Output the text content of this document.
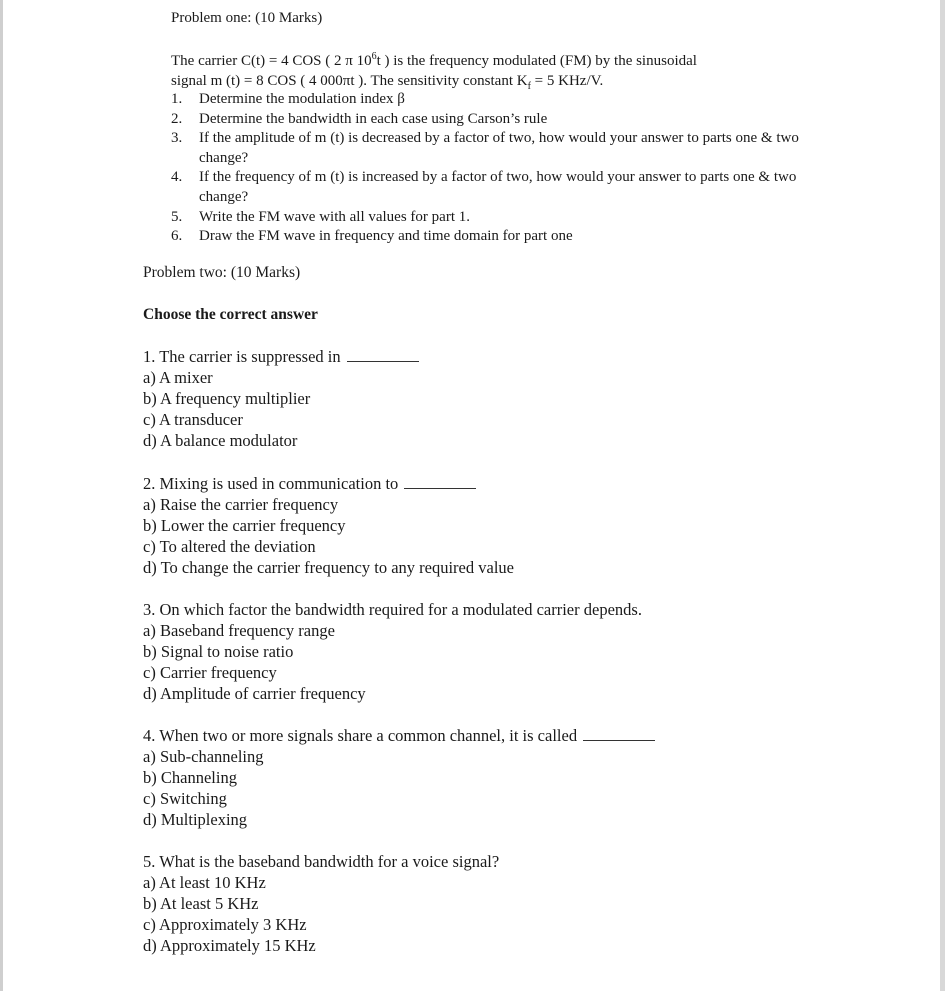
Problem one: (10 Marks)
The carrier C(t) = 4 COS ( 2 π $10^6t$ ) is the frequency modulated (FM) by the sinusoidal
signal m (t) = 8 COS ( 4 000πt ). The sensitivity constant $K_f = 5$ KHz/V.
1. Determine the modulation index β
2. Determine the bandwidth in each case using Carson’s rule
3. If the amplitude of m (t) is decreased by a factor of two, how would your answer to parts one & two change?
4. If the frequency of m (t) is increased by a factor of two, how would your answer to parts one & two change?
5. Write the FM wave with all values for part 1.
6. Draw the FM wave in frequency and time domain for part one
Problem two: (10 Marks)
Choose the correct answer
1. The carrier is suppressed in
a) A mixer
b) A frequency multiplier
c) A transducer
d) A balance modulator
2. Mixing is used in communication to
a) Raise the carrier frequency
b) Lower the carrier frequency
c) To altered the deviation
d) To change the carrier frequency to any required value
3. On which factor the bandwidth required for a modulated carrier depends.
a) Baseband frequency range
b) Signal to noise ratio
c) Carrier frequency
d) Amplitude of carrier frequency
4. When two or more signals share a common channel, it is called
a) Sub-channeling
b) Channeling
c) Switching
d) Multiplexing
5. What is the baseband bandwidth for a voice signal?
a) At least 10 KHz
b) At least 5 KHz
c) Approximately 3 KHz
d) Approximately 15 KHz
